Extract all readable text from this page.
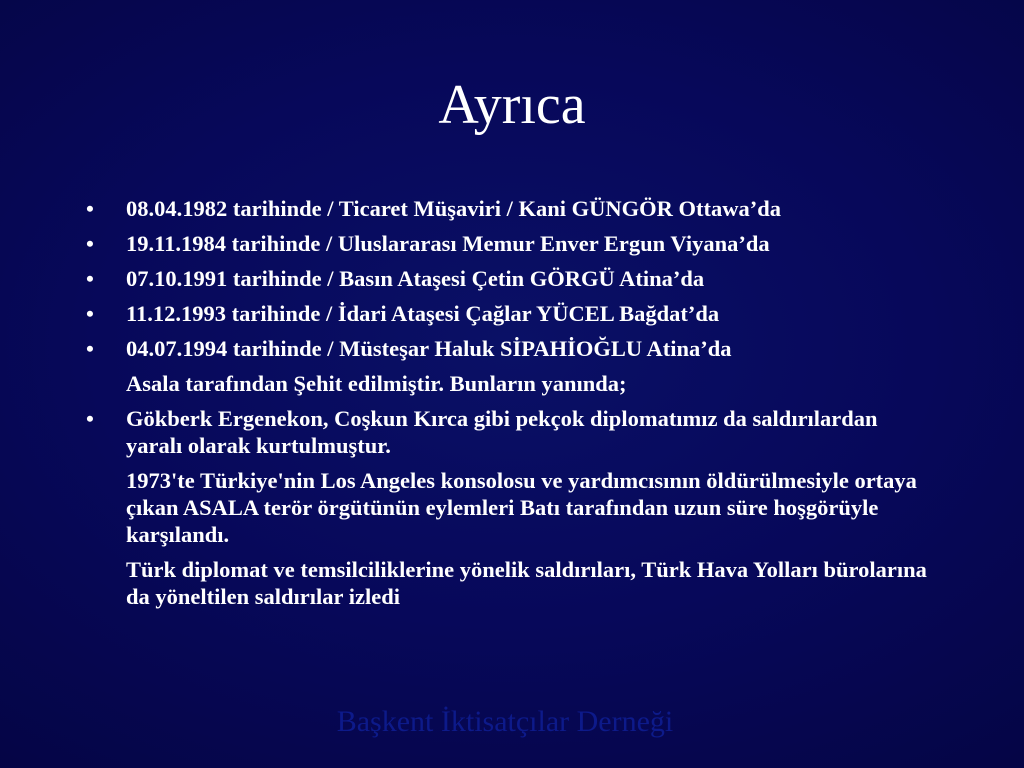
Ayrıca
•	08.04.1982 tarihinde / Ticaret Müşaviri / Kani GÜNGÖR Ottawa’da
•	19.11.1984 tarihinde / Uluslararası Memur Enver Ergun Viyana’da
•	07.10.1991 tarihinde / Basın Ataşesi Çetin GÖRGÜ Atina’da
•	11.12.1993 tarihinde / İdari Ataşesi Çağlar YÜCEL Bağdat’da
•	04.07.1994 tarihinde / Müsteşar Haluk SİPAHİOĞLU Atina’da
Asala tarafından Şehit edilmiştir. Bunların yanında;
•	Gökberk Ergenekon, Coşkun Kırca gibi pekçok diplomatımız da saldırılardan yaralı olarak kurtulmuştur.
1973'te Türkiye'nin Los Angeles konsolosu ve yardımcısının öldürülmesiyle ortaya çıkan ASALA terör örgütünün eylemleri Batı tarafından uzun süre hoşgörüyle karşılandı.
Türk diplomat ve temsilciliklerine yönelik saldırıları, Türk Hava Yolları bürolarına da yöneltilen saldırılar izledi
Başkent İktisatçılar Derneği
